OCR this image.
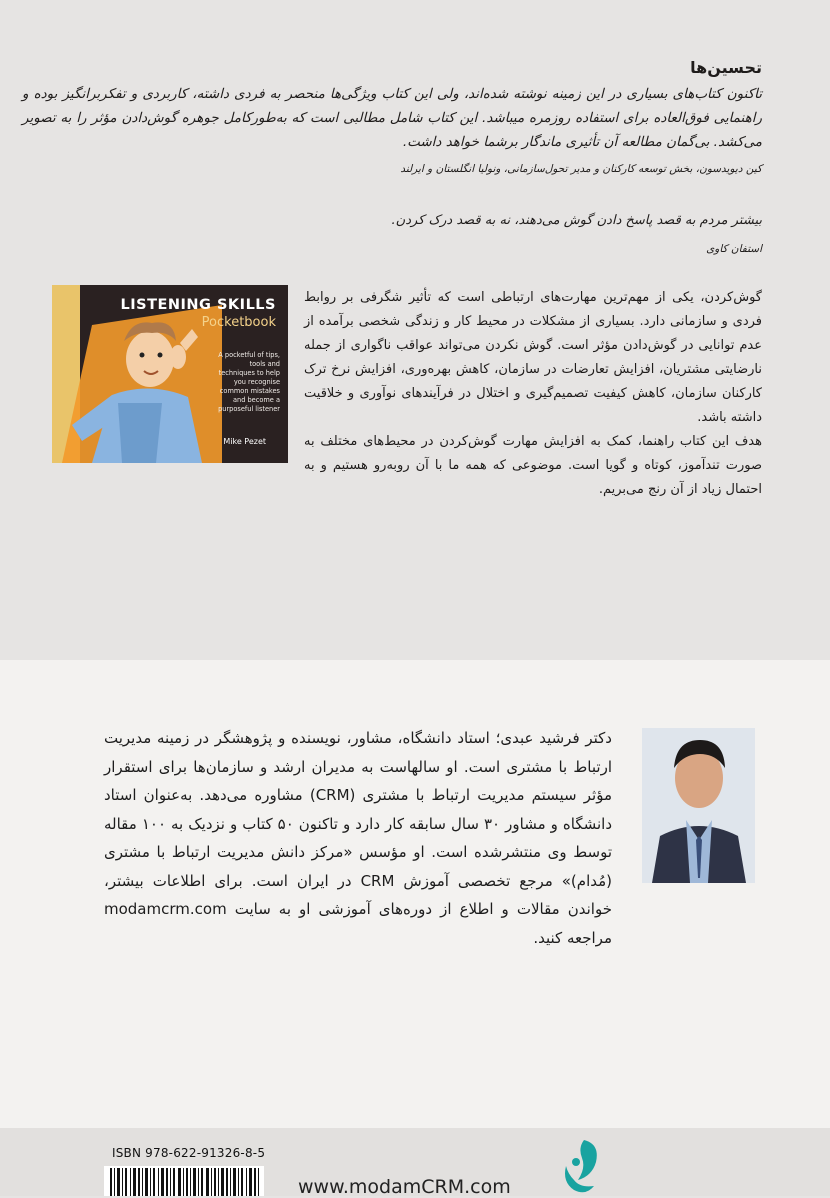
تحسین‌ها

تاکنون کتاب‌های بسیاری در این زمینه نوشته شده‌اند، ولی این کتاب ویژگی‌ها منحصر به فردی داشته، کاربردی و تفکربرانگیز بوده و راهنمایی فوق‌العاده برای استفاده روزمره میباشد. این کتاب شامل مطالبی است که به‌طورکامل جوهره گوش‌دادن مؤثر را به تصویر می‌کشد. بی‌گمان مطالعه آن تأثیری ماندگار برشما خواهد داشت.

کین دیویدسون، بخش توسعه کارکنان و مدیر تحول‌سازمانی، ونولیا انگلستان و ایرلند

بیشتر مردم به قصد پاسخ دادن گوش می‌دهند، نه به قصد درک کردن.

استفان کاوی

LISTENING SKILLS
Pocketbook
A pocketful of tips, tools and techniques to help you recognise common mistakes and become a purposeful listener
Mike Pezet
گوش‌کردن، یکی از مهم‌ترین مهارت‌های ارتباطی است که تأثیر شگرفی بر روابط فردی و سازمانی دارد. بسیاری از مشکلات در محیط کار و زندگی شخصی برآمده از عدم توانایی در گوش‌دادن مؤثر است. گوش نکردن می‌تواند عواقب ناگواری از جمله نارضایتی مشتریان، افزایش تعارضات در سازمان، کاهش بهره‌وری، افزایش نرخ ترک کارکنان سازمان، کاهش کیفیت تصمیم‌گیری و اختلال در فرآیندهای نوآوری و خلاقیت داشته باشد.
هدف این کتاب راهنما، کمک به افزایش مهارت گوش‌کردن در محیط‌های مختلف به صورت تندآموز، کوتاه و گویا است. موضوعی که همه ما با آن روبه‌رو هستیم و به احتمال زیاد از آن رنج می‌بریم.

دکتر فرشید عبدی؛ استاد دانشگاه، مشاور، نویسنده و پژوهشگر در زمینه مدیریت ارتباط با مشتری است. او سالهاست به مدیران ارشد و سازمان‌ها برای استقرار مؤثر سیستم مدیریت ارتباط با مشتری (CRM) مشاوره می‌دهد. به‌عنوان استاد دانشگاه و مشاور ۳۰ سال سابقه کار دارد و تاکنون ۵۰ کتاب و نزدیک به ۱۰۰ مقاله توسط وی منتشرشده است. او مؤسس «مرکز دانش مدیریت ارتباط با مشتری (مُدام)» مرجع تخصصی آموزش CRM در ایران است. برای اطلاعات بیشتر، خواندن مقالات و اطلاع از دوره‌های آموزشی او به سایت modamcrm.com مراجعه کنید.

ISBN 978-622-91326-8-5
www.modamCRM.com
